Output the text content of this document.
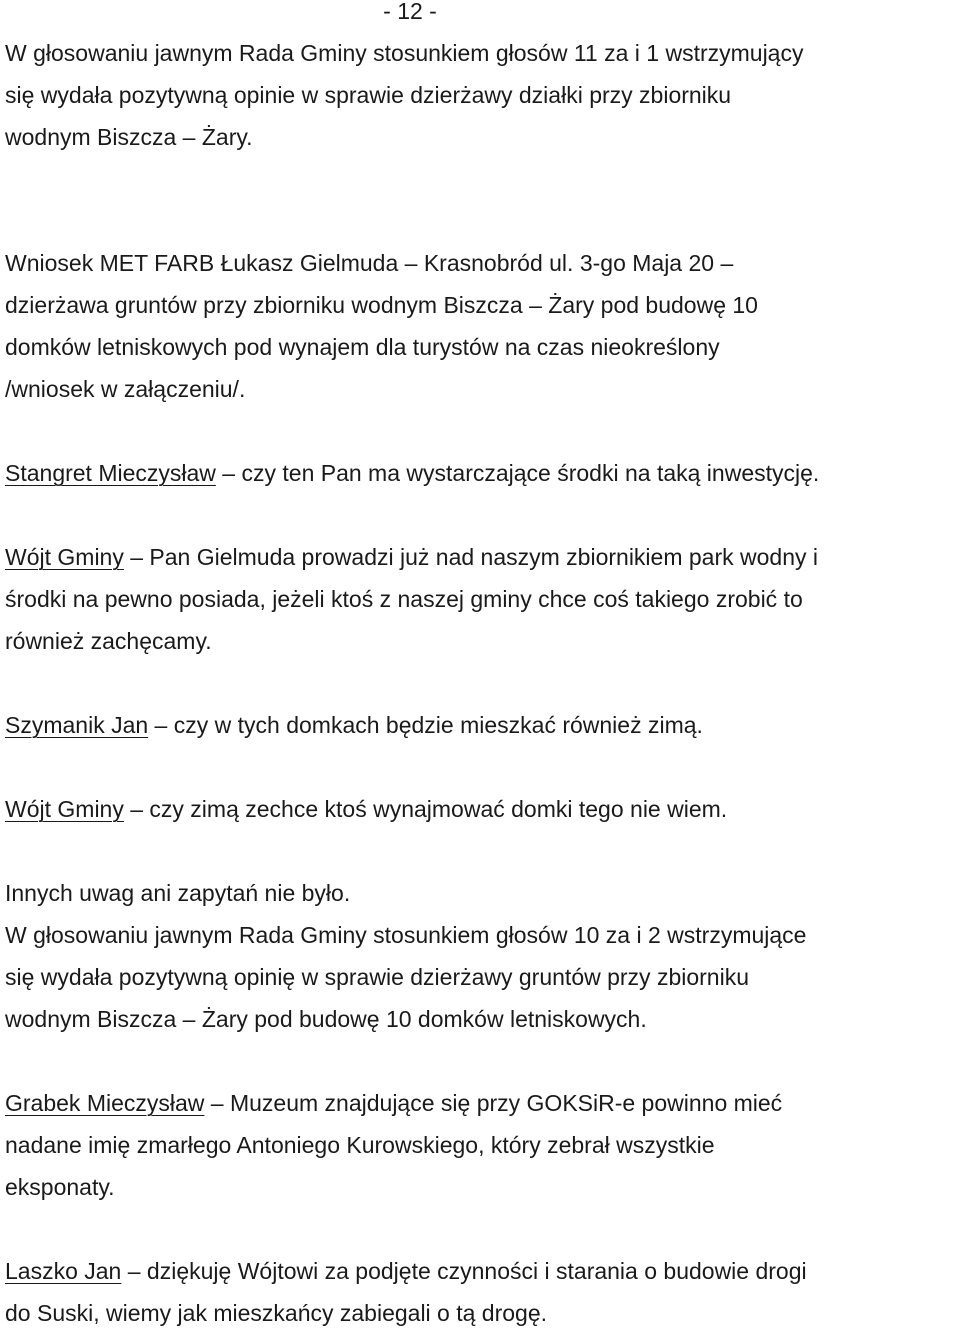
- 12 -

W głosowaniu jawnym Rada Gminy stosunkiem głosów 11 za i 1 wstrzymujący
się wydała pozytywną opinie w sprawie dzierżawy działki przy zbiorniku
wodnym Biszcza – Żary.

Wniosek MET FARB Łukasz Gielmuda – Krasnobród ul. 3-go Maja 20 –
dzierżawa gruntów przy zbiorniku wodnym Biszcza – Żary pod budowę 10
domków letniskowych pod wynajem dla turystów na czas nieokreślony
/wniosek w załączeniu/.

Stangret Mieczysław – czy ten Pan ma wystarczające środki na taką inwestycję.

Wójt Gminy – Pan Gielmuda prowadzi już nad naszym zbiornikiem park wodny i
środki na pewno posiada, jeżeli ktoś z naszej gminy chce coś takiego zrobić to
również zachęcamy.

Szymanik Jan – czy w tych domkach będzie mieszkać również zimą.

Wójt Gminy – czy zimą zechce ktoś wynajmować domki tego nie wiem.

Innych uwag ani zapytań nie było.
W głosowaniu jawnym Rada Gminy stosunkiem głosów 10 za i 2 wstrzymujące
się wydała pozytywną opinię w sprawie dzierżawy gruntów przy zbiorniku
wodnym Biszcza – Żary pod budowę 10 domków letniskowych.

Grabek Mieczysław – Muzeum znajdujące się przy GOKSiR-e powinno mieć
nadane imię zmarłego Antoniego Kurowskiego, który zebrał wszystkie
eksponaty.

Laszko Jan – dziękuję Wójtowi za podjęte czynności i starania o budowie drogi
do Suski, wiemy jak mieszkańcy zabiegali o tą drogę.
